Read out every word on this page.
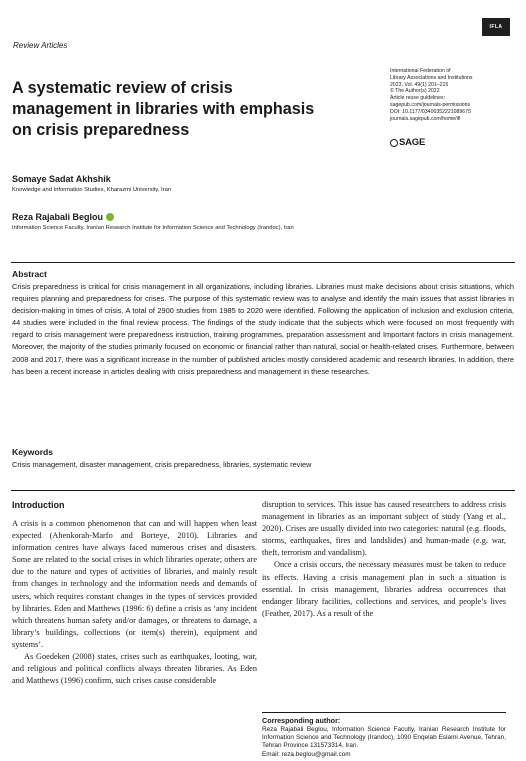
Review Articles
IFLA
A systematic review of crisis management in libraries with emphasis on crisis preparedness
International Federation of
Library Associations and Institutions
2023, Vol. 49(1) 201–215
© The Author(s) 2022
Article reuse guidelines:
sagepub.com/journals-permissions
DOI: 10.1177/03400352221089675
journals.sagepub.com/home/ifl
SAGE
Somaye Sadat Akhshik
Knowledge and Information Studies, Kharazmi University, Iran
Reza Rajabali Beglou
Information Science Faculty, Iranian Research Institute for Information Science and Technology (Irandoc), Iran
Abstract
Crisis preparedness is critical for crisis management in all organizations, including libraries. Libraries must make decisions about crisis situations, which requires planning and preparedness for crises. The purpose of this systematic review was to analyse and identify the main issues that assist libraries in decision-making in times of crisis. A total of 2900 studies from 1985 to 2020 were identified. Following the application of inclusion and exclusion criteria, 44 studies were included in the final review process. The findings of the study indicate that the subjects which were focused on most frequently with regard to crisis management were preparedness instruction, training programmes, preparation assessment and Important factors in crisis management. Moreover, the majority of the studies primarily focused on economic or financial rather than natural, social or health-related crises. Furthermore, between 2008 and 2017, there was a significant increase in the number of published articles mostly considered academic and research libraries. In addition, there has been a recent increase in articles dealing with crisis preparedness and management in these researches.
Keywords
Crisis management, disaster management, crisis preparedness, libraries, systematic review
Introduction

A crisis is a common phenomenon that can and will happen when least expected (Ahenkorah-Marfo and Borteye, 2010). Libraries and information centres have always faced numerous crises and disasters. Some are related to the social crises in which libraries operate; others are due to the nature and types of activities of libraries, and mainly result from changes in technology and the information needs and demands of users, which requires constant changes in the types of services provided by libraries. Eden and Matthews (1996: 6) define a crisis as ‘any incident which threatens human safety and/or damages, or threatens to damage, a library’s buildings, collections (or item(s) therein), equipment and systems’.

As Goedeken (2008) states, crises such as earthquakes, looting, war, and religious and political conflicts always threaten libraries. As Eden and Matthews (1996) confirm, such crises cause considerable

disruption to services. This issue has caused researchers to address crisis management in libraries as an important subject of study (Yang et al., 2020). Crises are usually divided into two categories: natural (e.g. floods, storms, earthquakes, fires and landslides) and human-made (e.g. war, theft, terrorism and vandalism).

Once a crisis occurs, the necessary measures must be taken to reduce its effects. Having a crisis management plan in such a situation is essential. In crisis management, libraries address occurrences that endanger library facilities, collections and services, and people’s lives (Feather, 2017). As a result of the

Corresponding author:
Reza Rajabali Beglou, Information Science Faculty, Iranian Research Institute for Information Science and Technology (Irandoc), 1090 Enqelab Eslami Avenue, Tehran, Tehran Province 131573314, Iran.
Email: reza.beglou@gmail.com
